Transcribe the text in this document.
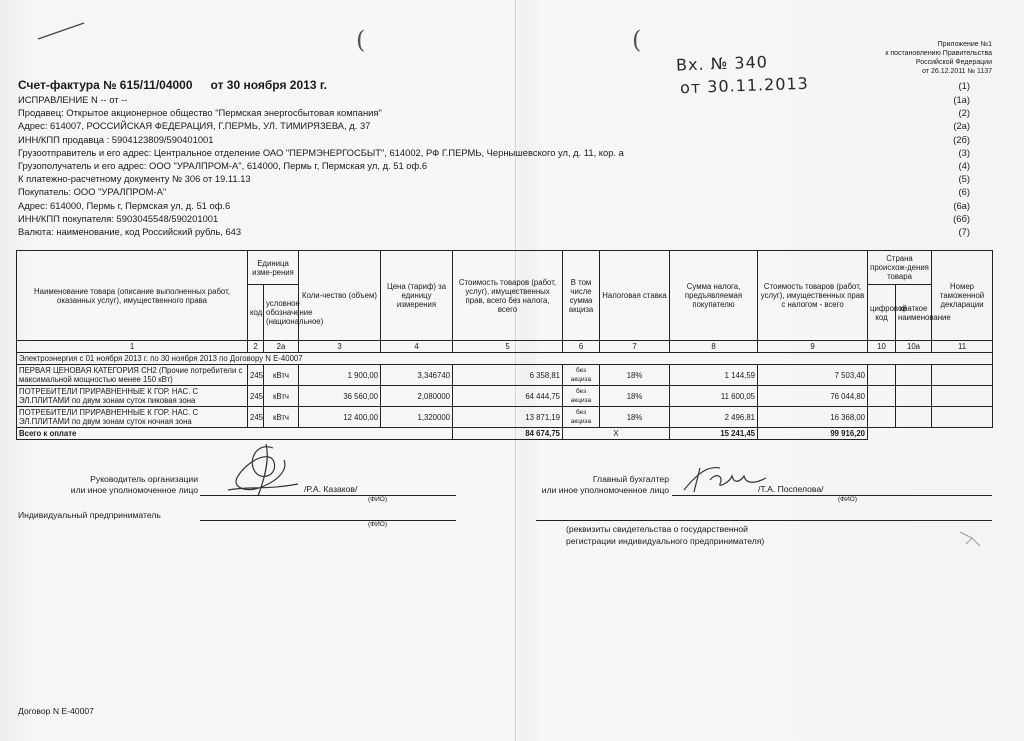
(	(	Приложение №1
к постановлению Правительства
Российской Федерации
от 26.12.2011 № 1137
Вх. № 340
от 30.11.2013
Счет-фактура № 615/11/04000 от 30 ноября 2013 г.	(1)
ИСПРАВЛЕНИЕ N -- от --	(1а)
Продавец: Открытое акционерное общество "Пермская энергосбытовая компания"	(2)
Адрес: 614007, РОССИЙСКАЯ ФЕДЕРАЦИЯ, Г.ПЕРМЬ, УЛ. ТИМИРЯЗЕВА, д. 37	(2а)
ИНН/КПП продавца : 5904123809/590401001	(2б)
Грузоотправитель и его адрес: Центральное отделение ОАО "ПЕРМЭНЕРГОСБЫТ", 614002, РФ Г.ПЕРМЬ, Чернышевского ул, д. 11, кор. а	(3)
Грузополучатель и его адрес: ООО "УРАЛПРОМ-А", 614000, Пермь г, Пермская ул, д. 51 оф.6	(4)
К платежно-расчетному документу № 306 от 19.11.13	(5)
Покупатель: ООО "УРАЛПРОМ-А"	(6)
Адрес: 614000, Пермь г, Пермская ул, д. 51 оф.6	(6а)
ИНН/КПП покупателя: 5903045548/590201001	(6б)
Валюта: наименование, код Российский рубль, 643	(7)
Наименование товара (описание выполненных работ, оказанных услуг), имущественного права	Единица изме-рения		Коли-чество (объем)	Цена (тариф) за единицу измерения	Стоимость товаров (работ, услуг), имущественных прав, всего без налога, всего	В том числе сумма акциза	Налоговая ставка	Сумма налога, предъявляемая покупателю	Стоимость товаров (работ, услуг), имущественных прав с налогом - всего	Страна происхож-дения товара		Номер таможенной декларации
	код	условное обозначение (национальное)								цифровой код	краткое наименование	
1	2	2а	3	4	5	6	7	8	9	10	10а	11
Электроэнергия с 01 ноября 2013 г. по 30 ноября 2013 по Договору N E-40007												
ПЕРВАЯ ЦЕНОВАЯ КАТЕГОРИЯ СН2 (Прочие потребители с максимальной мощностью менее 150 кВт)	245	кВтч	1 900,00	3,346740	6 358,81	без акциза	18%	1 144,59	7 503,40			
ПОТРЕБИТЕЛИ ПРИРАВНЕННЫЕ К ГОР. НАС. С ЭЛ.ПЛИТАМИ по двум зонам суток пиковая зона	245	кВтч	36 560,00	2,080000	64 444,75	без акциза	18%	11 600,05	76 044,80			
ПОТРЕБИТЕЛИ ПРИРАВНЕННЫЕ К ГОР. НАС. С ЭЛ.ПЛИТАМИ по двум зонам суток ночная зона	245	кВтч	12 400,00	1,320000	13 871,19	без акциза	18%	2 496,81	16 368,00			
Всего к оплате					84 674,75	X		15 241,45	99 916,20			
Руководитель организации
или иное уполномоченное лицо	/Р.А. Казаков/
(ФИО)
Главный бухгалтер
или иное уполномоченное лицо	/Т.А. Поспелова/
(ФИО)
Индивидуальный предприниматель
(ФИО)	(реквизиты свидетельства о государственной
регистрации индивидуального предпринимателя)
Договор N E-40007
